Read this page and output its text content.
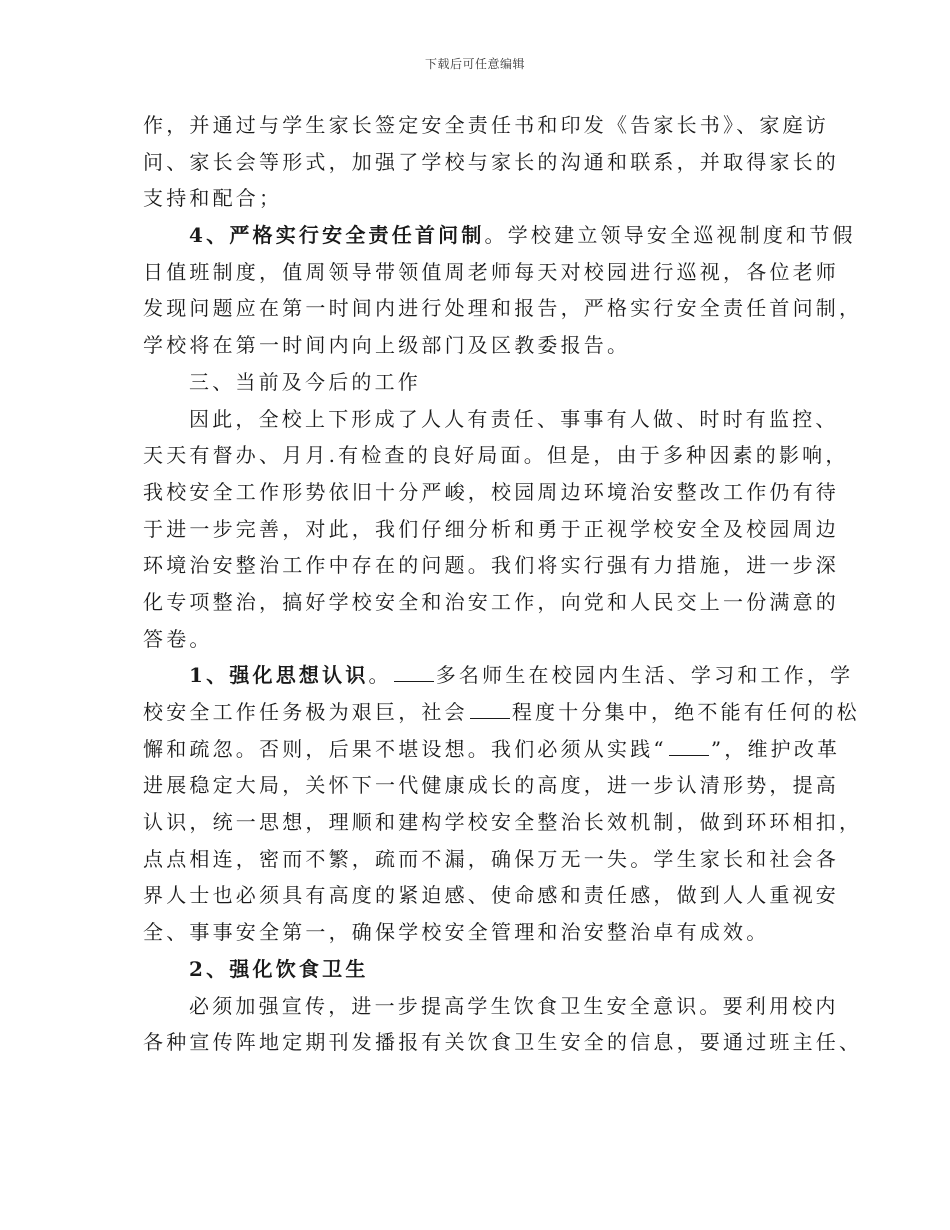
下载后可任意编辑
作，并通过与学生家长签定安全责任书和印发《告家长书》、家庭访
问、家长会等形式，加强了学校与家长的沟通和联系，并取得家长的
支持和配合；
4、严格实行安全责任首问制。学校建立领导安全巡视制度和节假
日值班制度，值周领导带领值周老师每天对校园进行巡视，各位老师
发现问题应在第一时间内进行处理和报告，严格实行安全责任首问制，
学校将在第一时间内向上级部门及区教委报告。
三、当前及今后的工作
因此，全校上下形成了人人有责任、事事有人做、时时有监控、
天天有督办、月月.有检查的良好局面。但是，由于多种因素的影响，
我校安全工作形势依旧十分严峻，校园周边环境治安整改工作仍有待
于进一步完善，对此，我们仔细分析和勇于正视学校安全及校园周边
环境治安整治工作中存在的问题。我们将实行强有力措施，进一步深
化专项整治，搞好学校安全和治安工作，向党和人民交上一份满意的
答卷。
1、强化思想认识。 多名师生在校园内生活、学习和工作，学
校安全工作任务极为艰巨，社会 程度十分集中，绝不能有任何的松
懈和疏忽。否则，后果不堪设想。我们必须从实践“ ”，维护改革
进展稳定大局，关怀下一代健康成长的高度，进一步认清形势，提高
认识，统一思想，理顺和建构学校安全整治长效机制，做到环环相扣，
点点相连，密而不繁，疏而不漏，确保万无一失。学生家长和社会各
界人士也必须具有高度的紧迫感、使命感和责任感，做到人人重视安
全、事事安全第一，确保学校安全管理和治安整治卓有成效。
2、强化饮食卫生
必须加强宣传，进一步提高学生饮食卫生安全意识。要利用校内
各种宣传阵地定期刊发播报有关饮食卫生安全的信息，要通过班主任、
